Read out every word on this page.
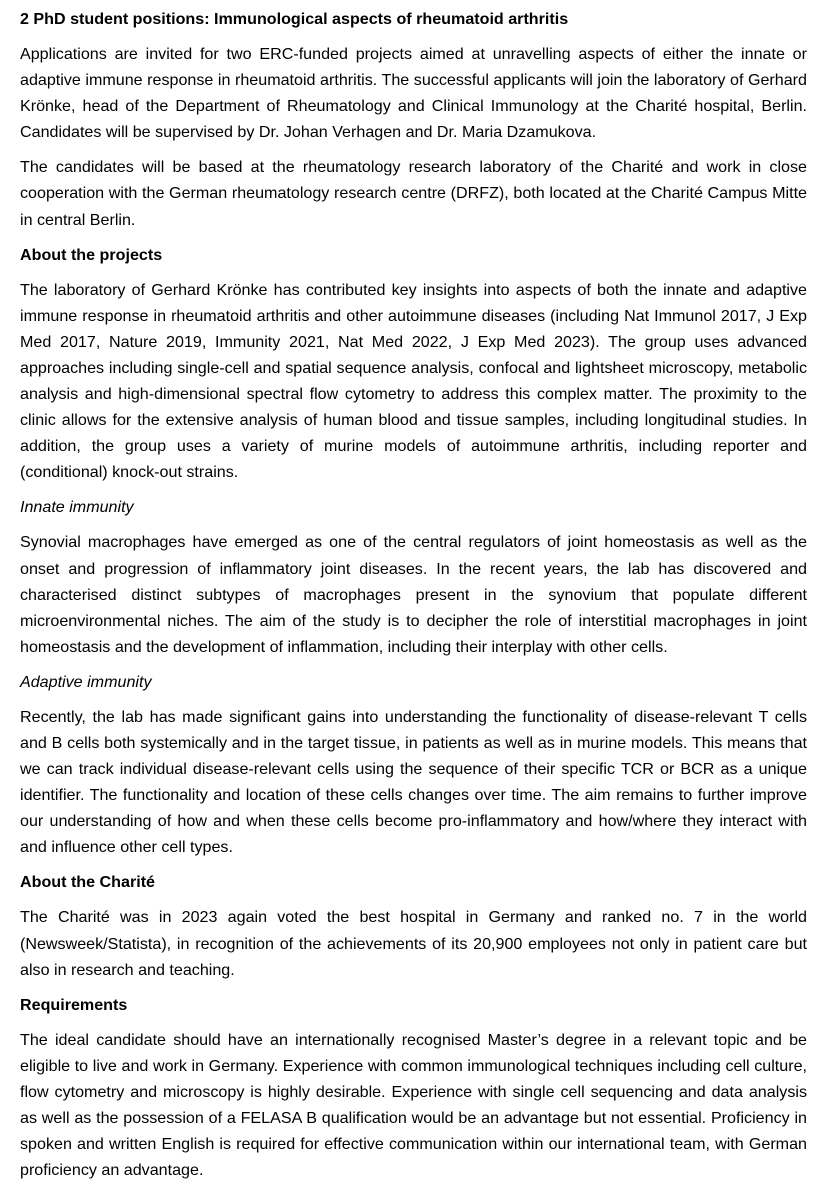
2 PhD student positions: Immunological aspects of rheumatoid arthritis

Applications are invited for two ERC-funded projects aimed at unravelling aspects of either the innate or adaptive immune response in rheumatoid arthritis. The successful applicants will join the laboratory of Gerhard Krönke, head of the Department of Rheumatology and Clinical Immunology at the Charité hospital, Berlin. Candidates will be supervised by Dr. Johan Verhagen and Dr. Maria Dzamukova.

The candidates will be based at the rheumatology research laboratory of the Charité and work in close cooperation with the German rheumatology research centre (DRFZ), both located at the Charité Campus Mitte in central Berlin.

About the projects

The laboratory of Gerhard Krönke has contributed key insights into aspects of both the innate and adaptive immune response in rheumatoid arthritis and other autoimmune diseases (including Nat Immunol 2017, J Exp Med 2017, Nature 2019, Immunity 2021, Nat Med 2022, J Exp Med 2023). The group uses advanced approaches including single-cell and spatial sequence analysis, confocal and lightsheet microscopy, metabolic analysis and high-dimensional spectral flow cytometry to address this complex matter. The proximity to the clinic allows for the extensive analysis of human blood and tissue samples, including longitudinal studies. In addition, the group uses a variety of murine models of autoimmune arthritis, including reporter and (conditional) knock-out strains.

Innate immunity

Synovial macrophages have emerged as one of the central regulators of joint homeostasis as well as the onset and progression of inflammatory joint diseases. In the recent years, the lab has discovered and characterised distinct subtypes of macrophages present in the synovium that populate different microenvironmental niches. The aim of the study is to decipher the role of interstitial macrophages in joint homeostasis and the development of inflammation, including their interplay with other cells.

Adaptive immunity

Recently, the lab has made significant gains into understanding the functionality of disease-relevant T cells and B cells both systemically and in the target tissue, in patients as well as in murine models. This means that we can track individual disease-relevant cells using the sequence of their specific TCR or BCR as a unique identifier. The functionality and location of these cells changes over time. The aim remains to further improve our understanding of how and when these cells become pro-inflammatory and how/where they interact with and influence other cell types.

About the Charité

The Charité was in 2023 again voted the best hospital in Germany and ranked no. 7 in the world (Newsweek/Statista), in recognition of the achievements of its 20,900 employees not only in patient care but also in research and teaching.

Requirements

The ideal candidate should have an internationally recognised Master’s degree in a relevant topic and be eligible to live and work in Germany. Experience with common immunological techniques including cell culture, flow cytometry and microscopy is highly desirable. Experience with single cell sequencing and data analysis as well as the possession of a FELASA B qualification would be an advantage but not essential. Proficiency in spoken and written English is required for effective communication within our international team, with German proficiency an advantage.
